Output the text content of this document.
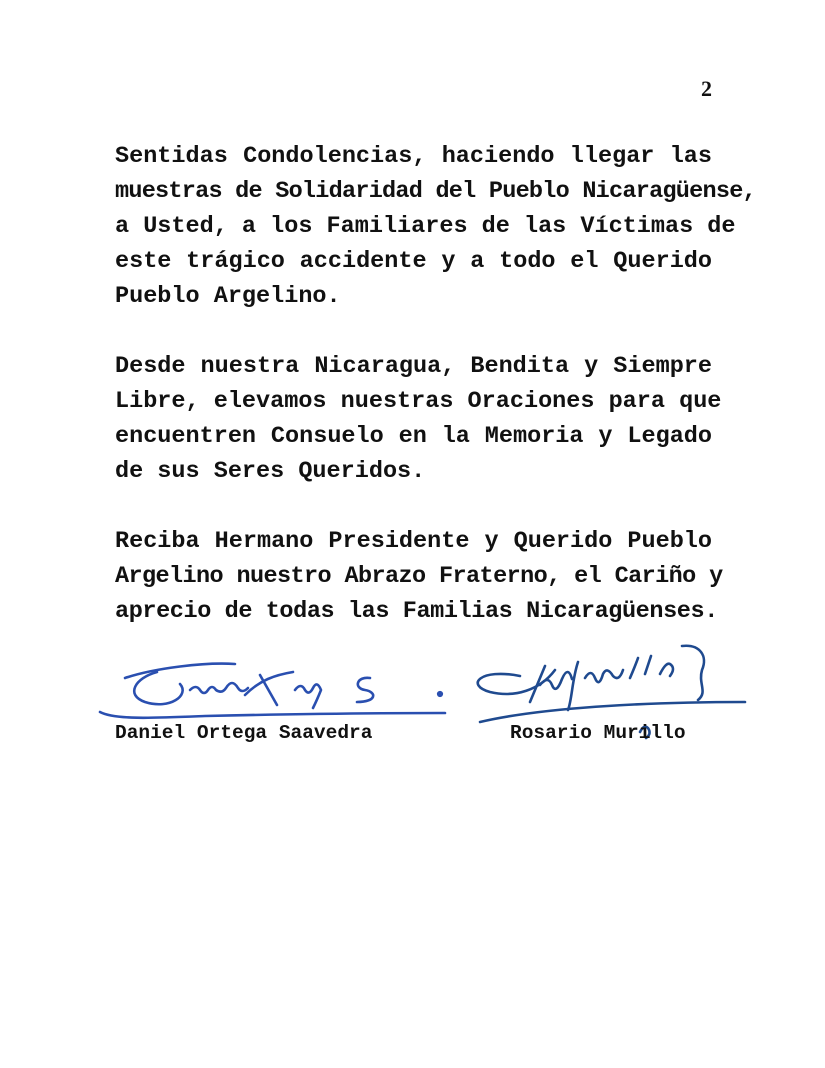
2
Sentidas Condolencias, haciendo llegar las
muestras de Solidaridad del Pueblo Nicaragüense,
a Usted, a los Familiares de las Víctimas de
este trágico accidente y a todo el Querido
Pueblo Argelino.
Desde nuestra Nicaragua, Bendita y Siempre
Libre, elevamos nuestras Oraciones para que
encuentren Consuelo en la Memoria y Legado
de sus Seres Queridos.
Reciba Hermano Presidente y Querido Pueblo
Argelino nuestro Abrazo Fraterno, el Cariño y
aprecio de todas las Familias Nicaragüenses.
Daniel Ortega Saavedra	Rosario Murillo
